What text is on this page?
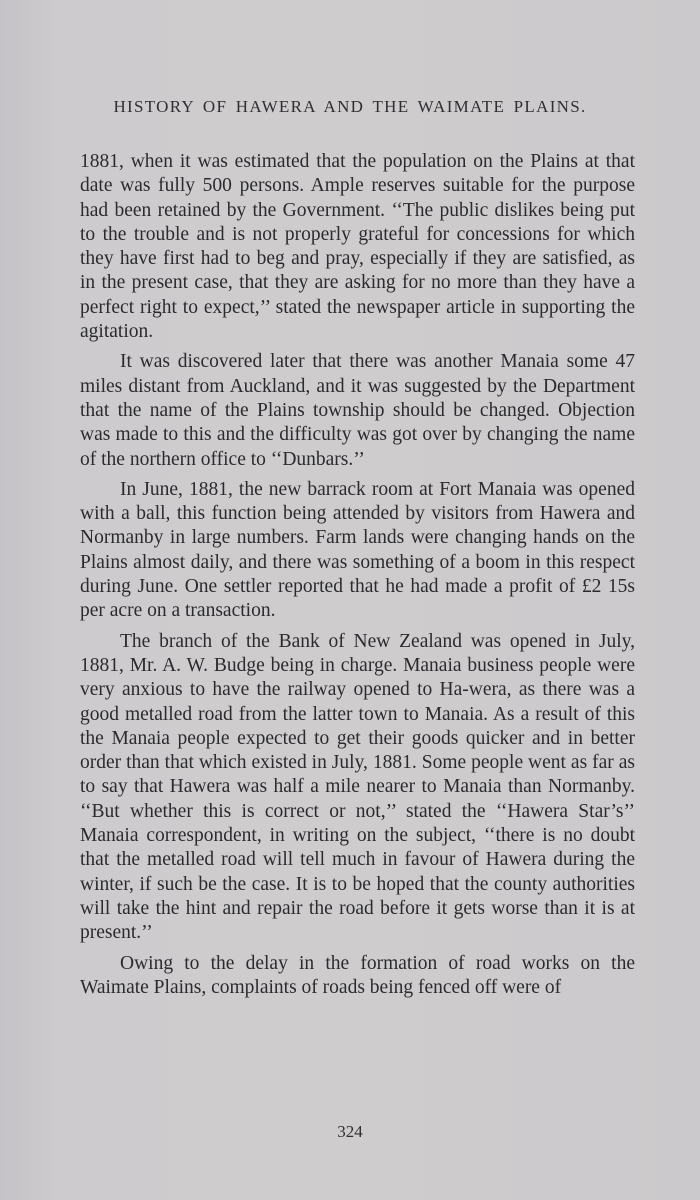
HISTORY OF HAWERA AND THE WAIMATE PLAINS.

1881, when it was estimated that the population on the Plains at that date was fully 500 persons. Ample reserves suitable for the purpose had been retained by the Government. ‘‘The public dislikes being put to the trouble and is not properly grateful for concessions for which they have first had to beg and pray, especially if they are satisfied, as in the present case, that they are asking for no more than they have a perfect right to expect,’’ stated the newspaper article in supporting the agitation.

It was discovered later that there was another Manaia some 47 miles distant from Auckland, and it was suggested by the Department that the name of the Plains township should be changed. Objection was made to this and the difficulty was got over by changing the name of the northern office to ‘‘Dunbars.’’

In June, 1881, the new barrack room at Fort Manaia was opened with a ball, this function being attended by visitors from Hawera and Normanby in large numbers. Farm lands were changing hands on the Plains almost daily, and there was something of a boom in this respect during June. One settler reported that he had made a profit of £2 15s per acre on a transaction.

The branch of the Bank of New Zealand was opened in July, 1881, Mr. A. W. Budge being in charge. Manaia business people were very anxious to have the railway opened to Ha-wera, as there was a good metalled road from the latter town to Manaia. As a result of this the Manaia people expected to get their goods quicker and in better order than that which existed in July, 1881. Some people went as far as to say that Hawera was half a mile nearer to Manaia than Normanby. ‘‘But whether this is correct or not,’’ stated the ‘‘Hawera Star’s’’ Manaia correspondent, in writing on the subject, ‘‘there is no doubt that the metalled road will tell much in favour of Hawera during the winter, if such be the case. It is to be hoped that the county authorities will take the hint and repair the road before it gets worse than it is at present.’’

Owing to the delay in the formation of road works on the Waimate Plains, complaints of roads being fenced off were of

324
